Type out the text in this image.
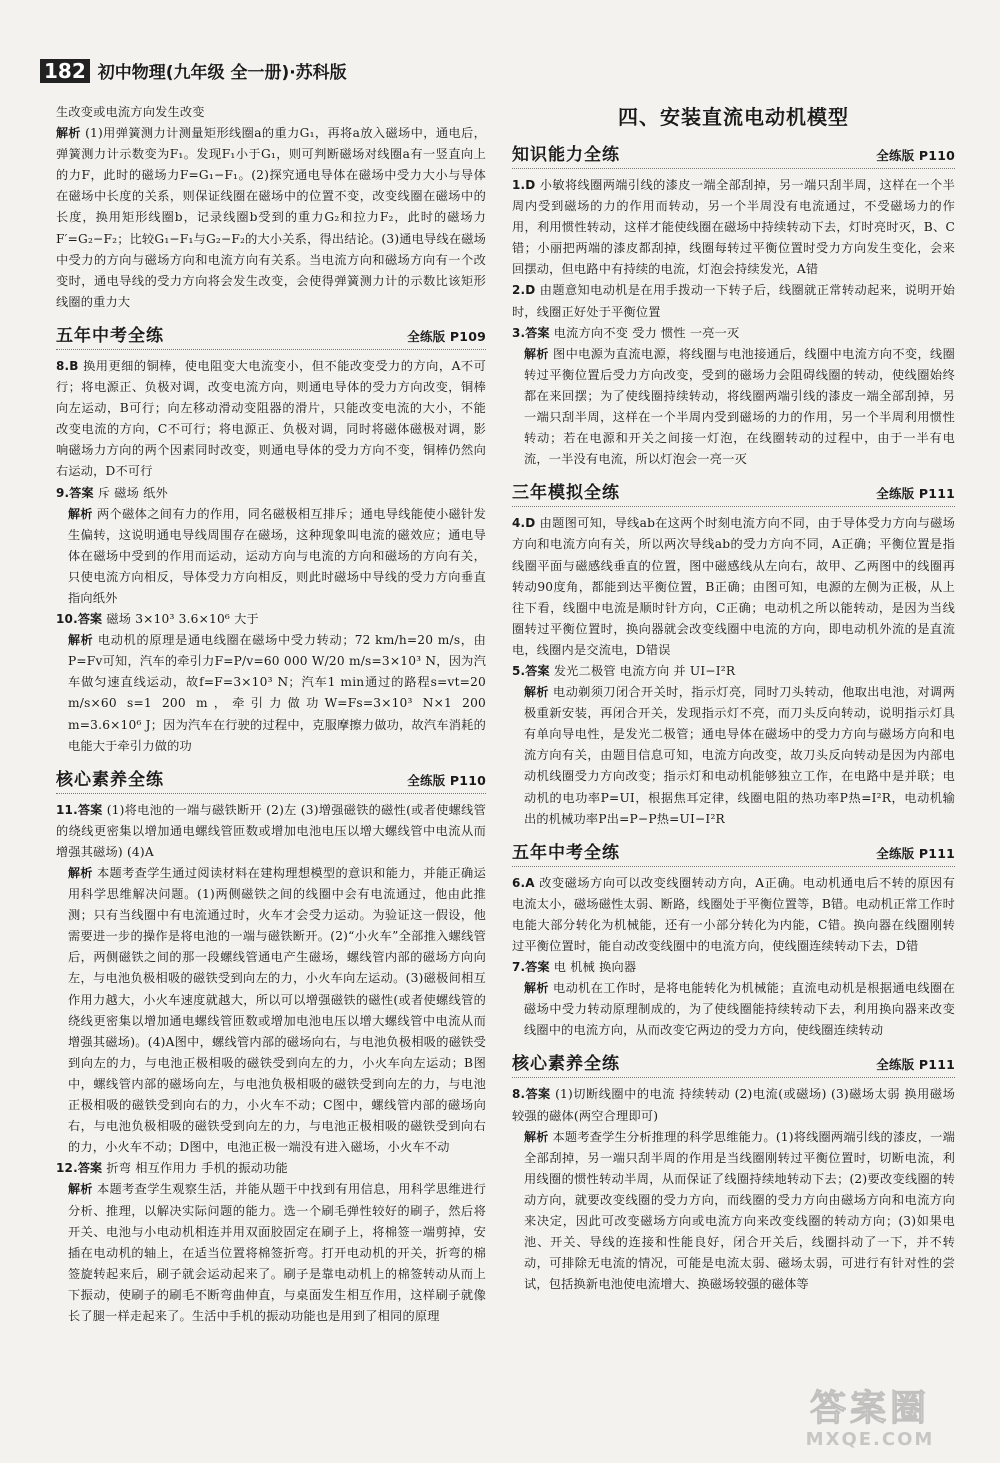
182 初中物理(九年级 全一册)·苏科版

生改变或电流方向发生改变

解析 (1)用弹簧测力计测量矩形线圈a的重力G₁，再将a放入磁场中，通电后，弹簧测力计示数变为F₁。发现F₁小于G₁，则可判断磁场对线圈a有一竖直向上的力F，此时的磁场力F=G₁−F₁。(2)探究通电导体在磁场中受力大小与导体在磁场中长度的关系，则保证线圈在磁场中的位置不变，改变线圈在磁场中的长度，换用矩形线圈b，记录线圈b受到的重力G₂和拉力F₂，此时的磁场力F′=G₂−F₂；比较G₁−F₁与G₂−F₂的大小关系，得出结论。(3)通电导线在磁场中受力的方向与磁场方向和电流方向有关系。当电流方向和磁场方向有一个改变时，通电导线的受力方向将会发生改变，会使得弹簧测力计的示数比该矩形线圈的重力大

五年中考全练	全练版 P109

8.B 换用更细的铜棒，使电阻变大电流变小，但不能改变受力的方向，A不可行；将电源正、负极对调，改变电流方向，则通电导体的受力方向改变，铜棒向左运动，B可行；向左移动滑动变阻器的滑片，只能改变电流的大小，不能改变电流的方向，C不可行；将电源正、负极对调，同时将磁体磁极对调，影响磁场力方向的两个因素同时改变，则通电导体的受力方向不变，铜棒仍然向右运动，D不可行

9.答案 斥 磁场 纸外

解析 两个磁体之间有力的作用，同名磁极相互排斥；通电导线能使小磁针发生偏转，这说明通电导线周围存在磁场，这种现象叫电流的磁效应；通电导体在磁场中受到的作用而运动，运动方向与电流的方向和磁场的方向有关，只使电流方向相反，导体受力方向相反，则此时磁场中导线的受力方向垂直指向纸外

10.答案 磁场 3×10³ 3.6×10⁶ 大于

解析 电动机的原理是通电线圈在磁场中受力转动；72 km/h=20 m/s，由P=Fv可知，汽车的牵引力F=P/v=60 000 W/20 m/s=3×10³ N，因为汽车做匀速直线运动，故f=F=3×10³ N；汽车1 min通过的路程s=vt=20 m/s×60 s=1 200 m，牵引力做功W=Fs=3×10³ N×1 200 m=3.6×10⁶ J；因为汽车在行驶的过程中，克服摩擦力做功，故汽车消耗的电能大于牵引力做的功

核心素养全练	全练版 P110

11.答案 (1)将电池的一端与磁铁断开 (2)左 (3)增强磁铁的磁性(或者使螺线管的绕线更密集以增加通电螺线管匝数或增加电池电压以增大螺线管中电流从而增强其磁场) (4)A

解析 本题考查学生通过阅读材料在建构理想模型的意识和能力，并能正确运用科学思维解决问题。(1)两侧磁铁之间的线圈中会有电流通过，他由此推测；只有当线圈中有电流通过时，火车才会受力运动。为验证这一假设，他需要进一步的操作是将电池的一端与磁铁断开。(2)“小火车”全部推入螺线管后，两侧磁铁之间的那一段螺线管通电产生磁场，螺线管内部的磁场方向向左，与电池负极相吸的磁铁受到向左的力，小火车向左运动。(3)磁极间相互作用力越大，小火车速度就越大，所以可以增强磁铁的磁性(或者使螺线管的绕线更密集以增加通电螺线管匝数或增加电池电压以增大螺线管中电流从而增强其磁场)。(4)A图中，螺线管内部的磁场向右，与电池负极相吸的磁铁受到向左的力，与电池正极相吸的磁铁受到向左的力，小火车向左运动；B图中，螺线管内部的磁场向左，与电池负极相吸的磁铁受到向左的力，与电池正极相吸的磁铁受到向右的力，小火车不动；C图中，螺线管内部的磁场向右，与电池负极相吸的磁铁受到向左的力，与电池正极相吸的磁铁受到向右的力，小火车不动；D图中，电池正极一端没有进入磁场，小火车不动

12.答案 折弯 相互作用力 手机的振动功能

解析 本题考查学生观察生活，并能从题干中找到有用信息，用科学思维进行分析、推理，以解决实际问题的能力。选一个刷毛弹性较好的刷子，然后将开关、电池与小电动机相连并用双面胶固定在刷子上，将棉签一端剪掉，安插在电动机的轴上，在适当位置将棉签折弯。打开电动机的开关，折弯的棉签旋转起来后，刷子就会运动起来了。刷子是靠电动机上的棉签转动从而上下振动，使刷子的刷毛不断弯曲伸直，与桌面发生相互作用，这样刷子就像长了腿一样走起来了。生活中手机的振动功能也是用到了相同的原理

四、安装直流电动机模型
知识能力全练	全练版 P110

1.D 小敏将线圈两端引线的漆皮一端全部刮掉，另一端只刮半周，这样在一个半周内受到磁场的力的作用而转动，另一个半周没有电流通过，不受磁场力的作用，利用惯性转动，这样才能使线圈在磁场中持续转动下去，灯时亮时灭，B、C错；小丽把两端的漆皮都刮掉，线圈每转过平衡位置时受力方向发生变化，会来回摆动，但电路中有持续的电流，灯泡会持续发光，A错

2.D 由题意知电动机是在用手拨动一下转子后，线圈就正常转动起来，说明开始时，线圈正好处于平衡位置

3.答案 电流方向不变 受力 惯性 一亮一灭

解析 图中电源为直流电源，将线圈与电池接通后，线圈中电流方向不变，线圈转过平衡位置后受力方向改变，受到的磁场力会阻碍线圈的转动，使线圈始终都在来回摆；为了使线圈持续转动，将线圈两端引线的漆皮一端全部刮掉，另一端只刮半周，这样在一个半周内受到磁场的力的作用，另一个半周利用惯性转动；若在电源和开关之间接一灯泡，在线圈转动的过程中，由于一半有电流，一半没有电流，所以灯泡会一亮一灭

三年模拟全练	全练版 P111

4.D 由题图可知，导线ab在这两个时刻电流方向不同，由于导体受力方向与磁场方向和电流方向有关，所以两次导线ab的受力方向不同，A正确；平衡位置是指线圈平面与磁感线垂直的位置，图中磁感线从左向右，故甲、乙两图中的线圈再转动90度角，都能到达平衡位置，B正确；由图可知，电源的左侧为正极，从上往下看，线圈中电流是顺时针方向，C正确；电动机之所以能转动，是因为当线圈转过平衡位置时，换向器就会改变线圈中电流的方向，即电动机外流的是直流电，线圈内是交流电，D错误

5.答案 发光二极管 电流方向 并 UI−I²R

解析 电动剃须刀闭合开关时，指示灯亮，同时刀头转动，他取出电池，对调两极重新安装，再闭合开关，发现指示灯不亮，而刀头反向转动，说明指示灯具有单向导电性，是发光二极管；通电导体在磁场中的受力方向与磁场方向和电流方向有关，由题目信息可知，电流方向改变，故刀头反向转动是因为内部电动机线圈受力方向改变；指示灯和电动机能够独立工作，在电路中是并联；电动机的电功率P=UI，根据焦耳定律，线圈电阻的热功率P热=I²R，电动机输出的机械功率P出=P−P热=UI−I²R

五年中考全练	全练版 P111

6.A 改变磁场方向可以改变线圈转动方向，A正确。电动机通电后不转的原因有电流太小，磁场磁性太弱、断路，线圈处于平衡位置等，B错。电动机正常工作时电能大部分转化为机械能，还有一小部分转化为内能，C错。换向器在线圈刚转过平衡位置时，能自动改变线圈中的电流方向，使线圈连续转动下去，D错

7.答案 电 机械 换向器

解析 电动机在工作时，是将电能转化为机械能；直流电动机是根据通电线圈在磁场中受力转动原理制成的，为了使线圈能持续转动下去，利用换向器来改变线圈中的电流方向，从而改变它两边的受力方向，使线圈连续转动

核心素养全练	全练版 P111

8.答案 (1)切断线圈中的电流 持续转动 (2)电流(或磁场) (3)磁场太弱 换用磁场较强的磁体(两空合理即可)

解析 本题考查学生分析推理的科学思维能力。(1)将线圈两端引线的漆皮，一端全部刮掉，另一端只刮半周的作用是当线圈刚转过平衡位置时，切断电流，利用线圈的惯性转动半周，从而保证了线圈持续地转动下去；(2)要改变线圈的转动方向，就要改变线圈的受力方向，而线圈的受力方向由磁场方向和电流方向来决定，因此可改变磁场方向或电流方向来改变线圈的转动方向；(3)如果电池、开关、导线的连接和性能良好，闭合开关后，线圈抖动了一下，并不转动，可排除无电流的情况，可能是电流太弱、磁场太弱，可进行有针对性的尝试，包括换新电池使电流增大、换磁场较强的磁体等

答案圈
MXQE.COM
